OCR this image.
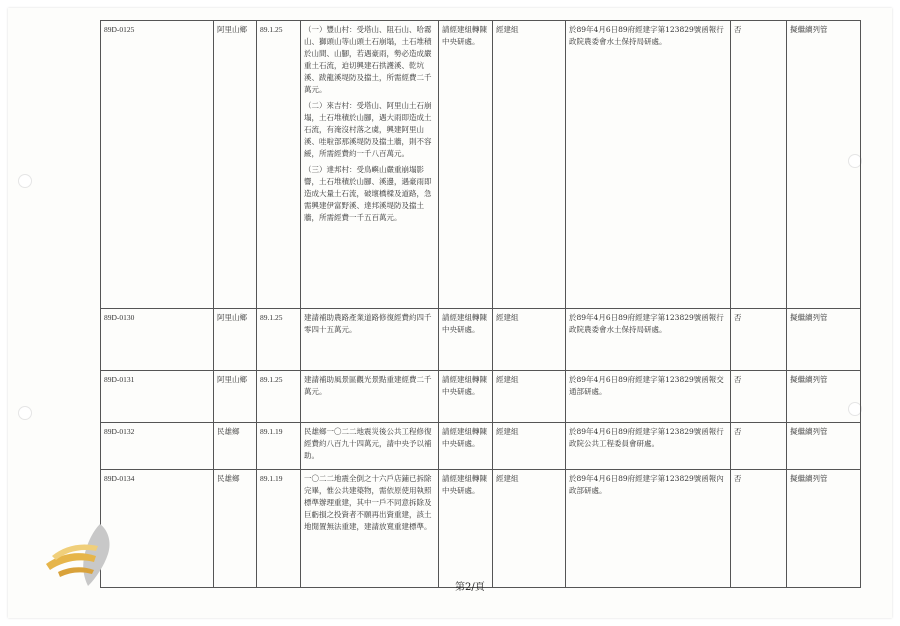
89D-0125	阿里山鄉	89.1.25	（一）豐山村：受塔山、阻石山、哈霧山、獅頭山等山頭土石崩塌，土石堆積於山間、山腳，若遇豪雨，勢必造成嚴重土石流，迫切興建石拱護溪、乾坑溪、跋龍溪堤防及擋土，所需經費二千萬元。
（二）來吉村：受塔山、阿里山土石崩塌，土石堆積於山腳，遇大雨即造成土石流，有淹沒村落之虞，興建阿里山溪、哇啦部那溪堤防及擋土牆，則不容緩，所需經費約一千八百萬元。
（三）達邦村：受鳥嶼山嚴重崩塌影響，土石堆積於山腳、溪邊，遇豪雨即造成大量土石流，破壞橋樑及道路，急需興建伊富野溪、達邦溪堤防及擋土牆，所需經費一千五百萬元。	請經建組轉陳中央研處。	經建組	於89年4月6日89府經建字第123829號函報行政院農委會水土保持局研處。	否	擬繼續列管
89D-0130	阿里山鄉	89.1.25	建請補助農路產業道路修復經費約四千零四十五萬元。	請經建組轉陳中央研處。	經建組	於89年4月6日89府經建字第123829號函報行政院農委會水土保持局研處。	否	擬繼續列管
89D-0131	阿里山鄉	89.1.25	建請補助風景區觀光景點重建經費二千萬元。	請經建組轉陳中央研處。	經建組	於89年4月6日89府經建字第123829號函報交通部研處。	否	擬繼續列管
89D-0132	民雄鄉	89.1.19	民雄鄉一〇二二地震災後公共工程修復經費約八百九十四萬元，請中央予以補助。	請經建組轉陳中央研處。	經建組	於89年4月6日89府經建字第123829號函報行政院公共工程委員會研處。	否	擬繼續列管
89D-0134	民雄鄉	89.1.19	一〇二二地震全倒之十六戶店鋪已拆除完畢，惟公共建築物，需依原使用執照標準辦理重建，其中一戶不同意拆除及巨虧損之投資者不願再出資重建，該土地閒置無法重建，建請放寬重建標準。	請經建組轉陳中央研處。	經建組	於89年4月6日89府經建字第123829號函報內政部研處。	否	擬繼續列管
第2/頁
